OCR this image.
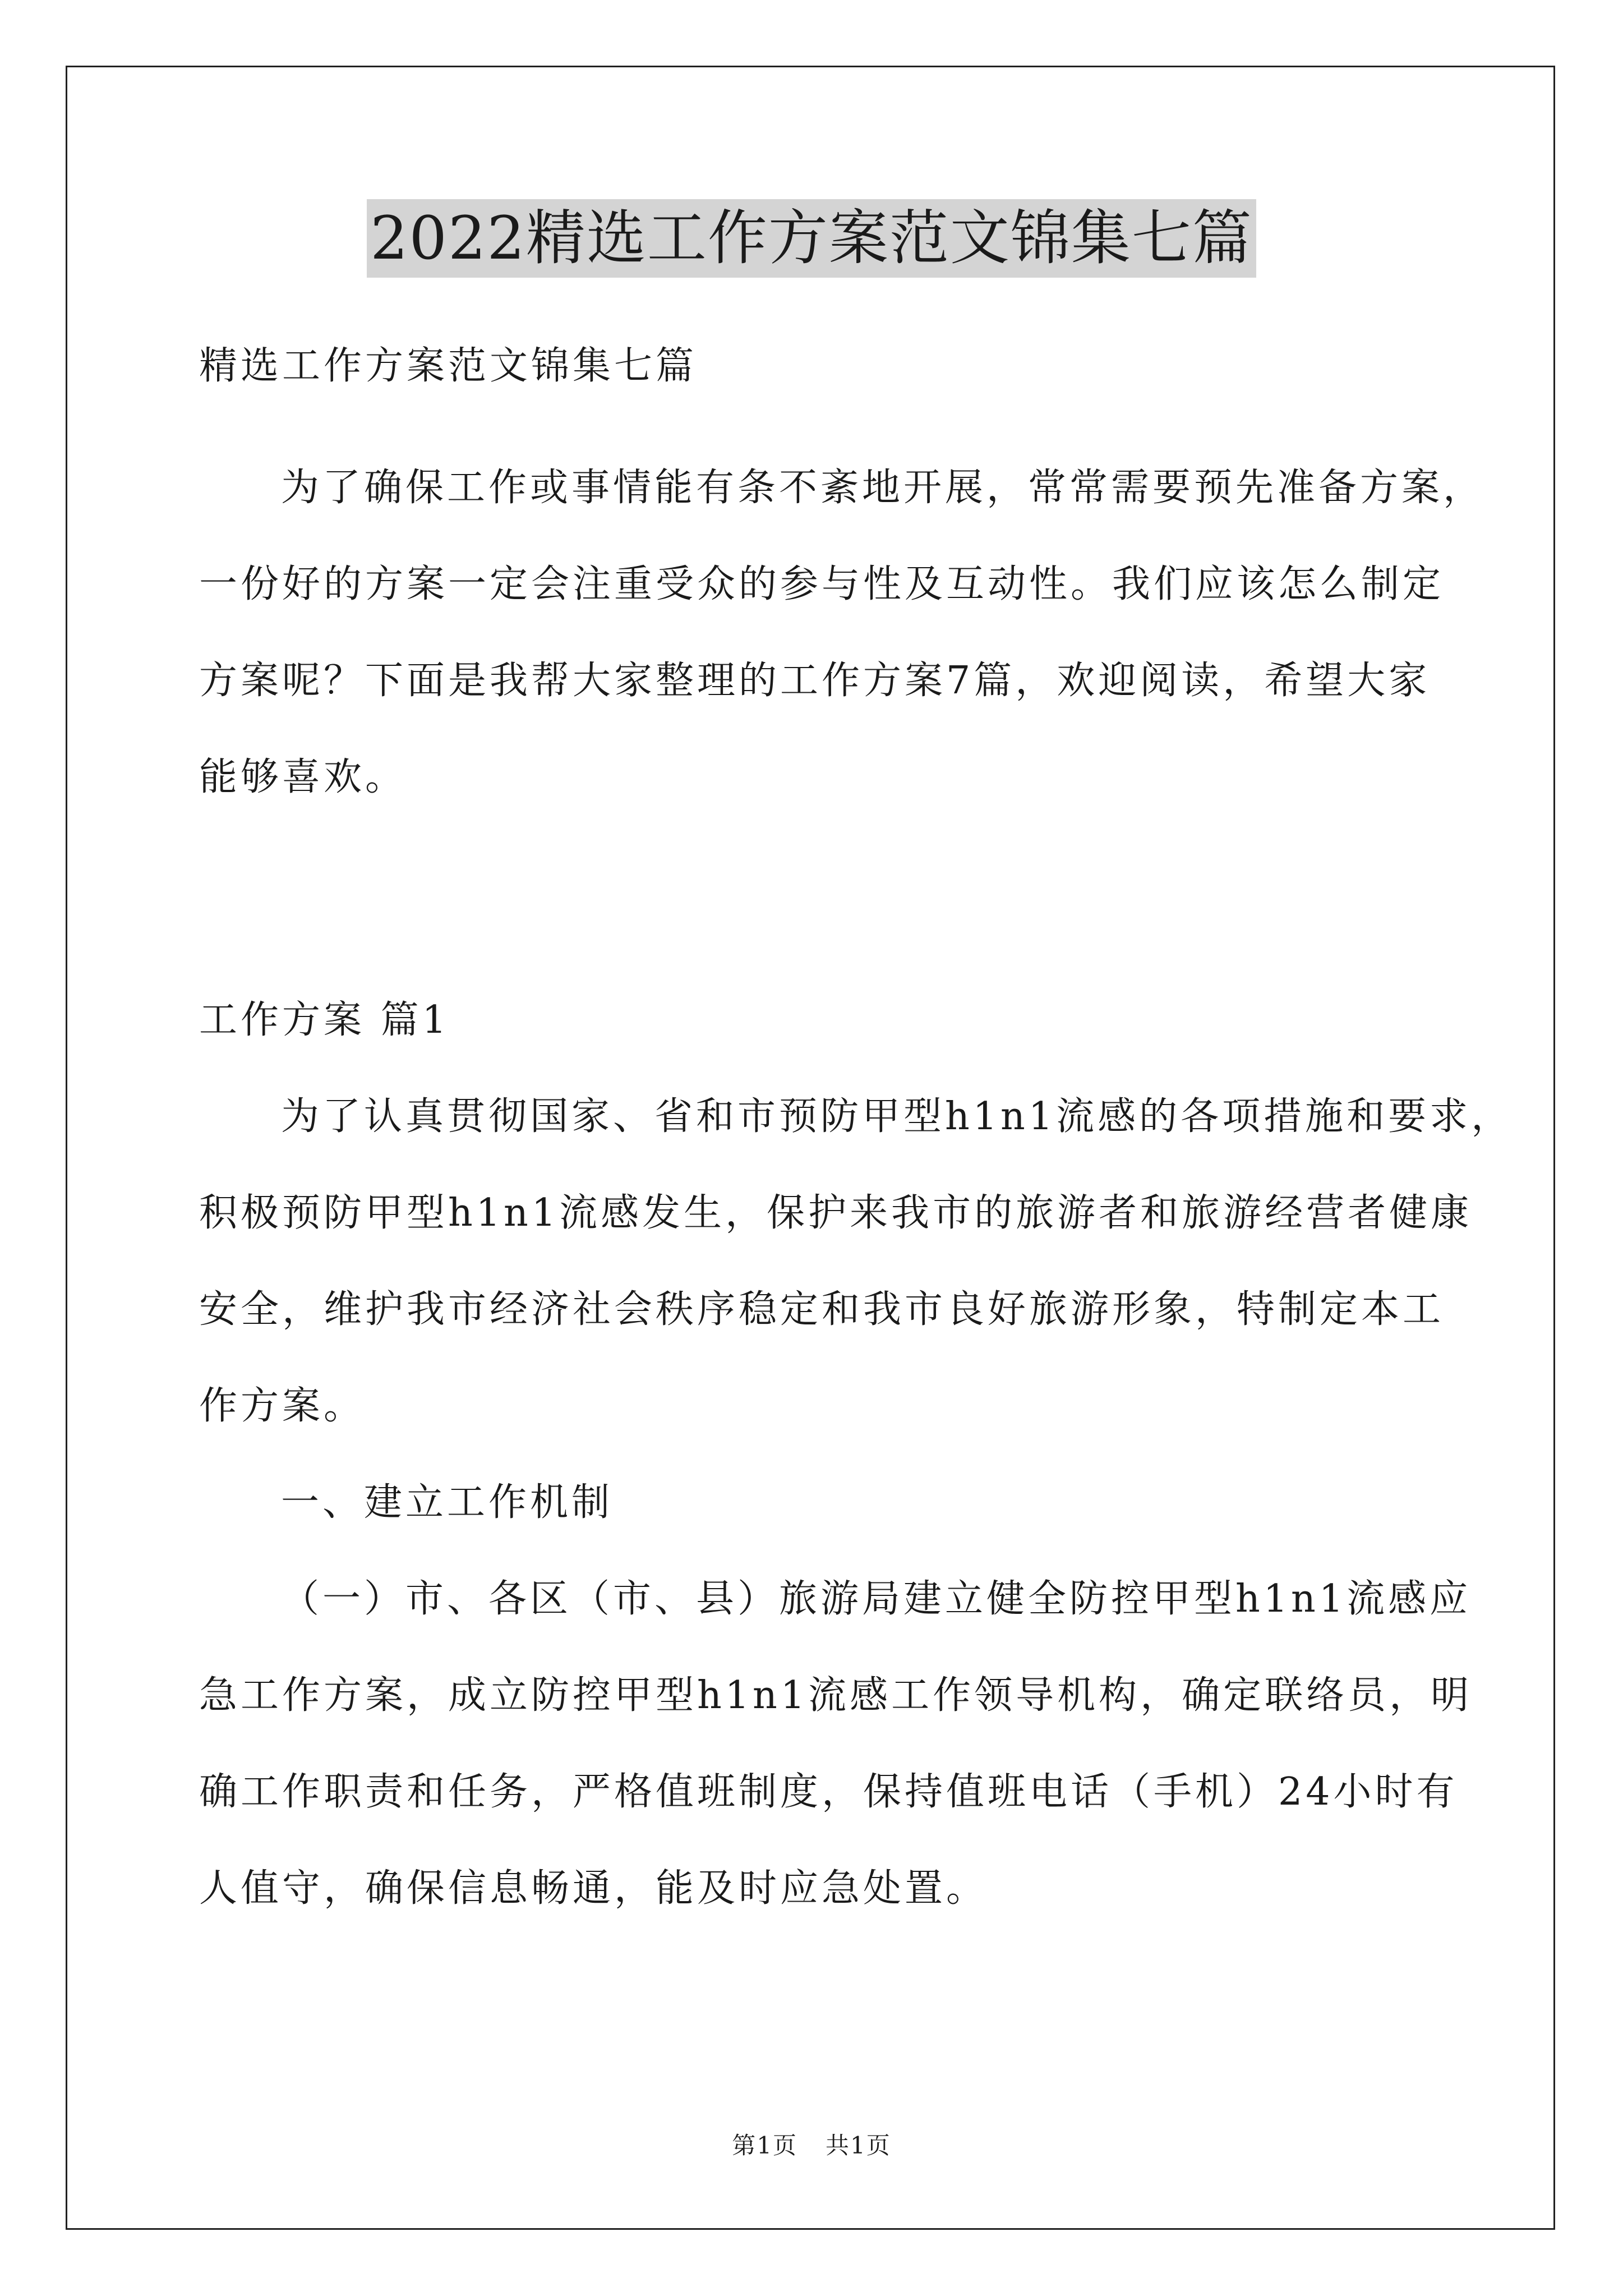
2022精选工作方案范文锦集七篇
精选工作方案范文锦集七篇
为了确保工作或事情能有条不紊地开展，常常需要预先准备方案，
一份好的方案一定会注重受众的参与性及互动性。我们应该怎么制定
方案呢？下面是我帮大家整理的工作方案7篇，欢迎阅读，希望大家
能够喜欢。
工作方案 篇1
为了认真贯彻国家、省和市预防甲型h1n1流感的各项措施和要求，
积极预防甲型h1n1流感发生，保护来我市的旅游者和旅游经营者健康
安全，维护我市经济社会秩序稳定和我市良好旅游形象，特制定本工
作方案。
一、建立工作机制
（一）市、各区（市、县）旅游局建立健全防控甲型h1n1流感应
急工作方案，成立防控甲型h1n1流感工作领导机构，确定联络员，明
确工作职责和任务，严格值班制度，保持值班电话（手机）24小时有
人值守，确保信息畅通，能及时应急处置。
第1页 共1页
